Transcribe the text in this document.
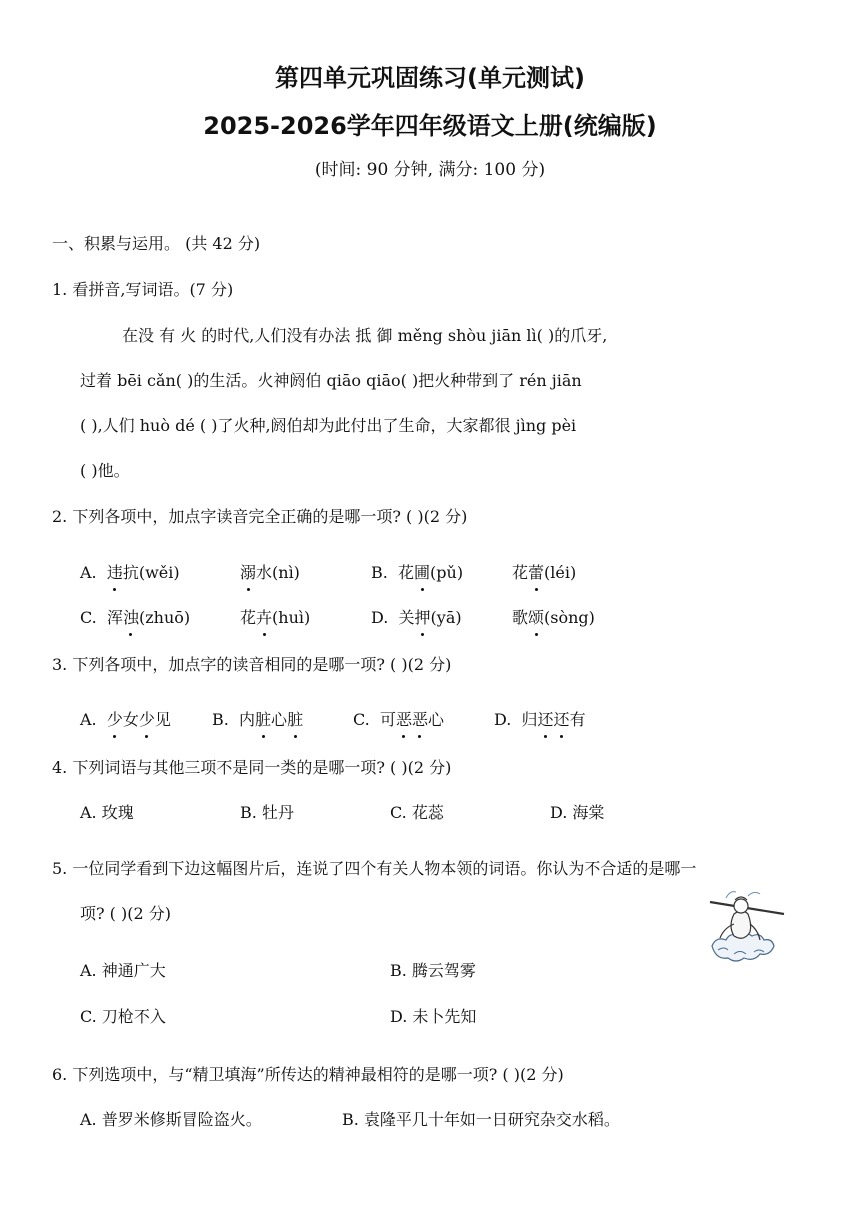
第四单元巩固练习(单元测试)
2025-2026学年四年级语文上册(统编版)
(时间: 90 分钟, 满分: 100 分)
一、积累与运用。 (共 42 分)
1. 看拼音,写词语。(7 分)
在没 有 火 的时代,人们没有办法 抵 御 měng shòu jiān lì( )的爪牙,
过着 bēi cǎn( )的生活。火神阏伯 qiāo qiāo( )把火种带到了 rén jiān
( ),人们 huò dé ( )了火种,阏伯却为此付出了生命，大家都很 jìng pèi
( )他。
2. 下列各项中，加点字读音完全正确的是哪一项? ( )(2 分)
A. 违抗(wěi)	溺水(nì)	B. 花圃(pǔ)	花蕾(léi)
C. 浑浊(zhuō)	花卉(huì)	D. 关押(yā)	歌颂(sòng)
3. 下列各项中，加点字的读音相同的是哪一项? ( )(2 分)
A. 少女少见	B. 内脏心脏	C. 可恶恶心	D. 归还还有
4. 下列词语与其他三项不是同一类的是哪一项? ( )(2 分)
A. 玫瑰	B. 牡丹	C. 花蕊	D. 海棠
5. 一位同学看到下边这幅图片后，连说了四个有关人物本领的词语。你认为不合适的是哪一
项? ( )(2 分)
A. 神通广大	B. 腾云驾雾
C. 刀枪不入	D. 未卜先知
6. 下列选项中，与“精卫填海”所传达的精神最相符的是哪一项? ( )(2 分)
A. 普罗米修斯冒险盗火。	B. 袁隆平几十年如一日研究杂交水稻。
